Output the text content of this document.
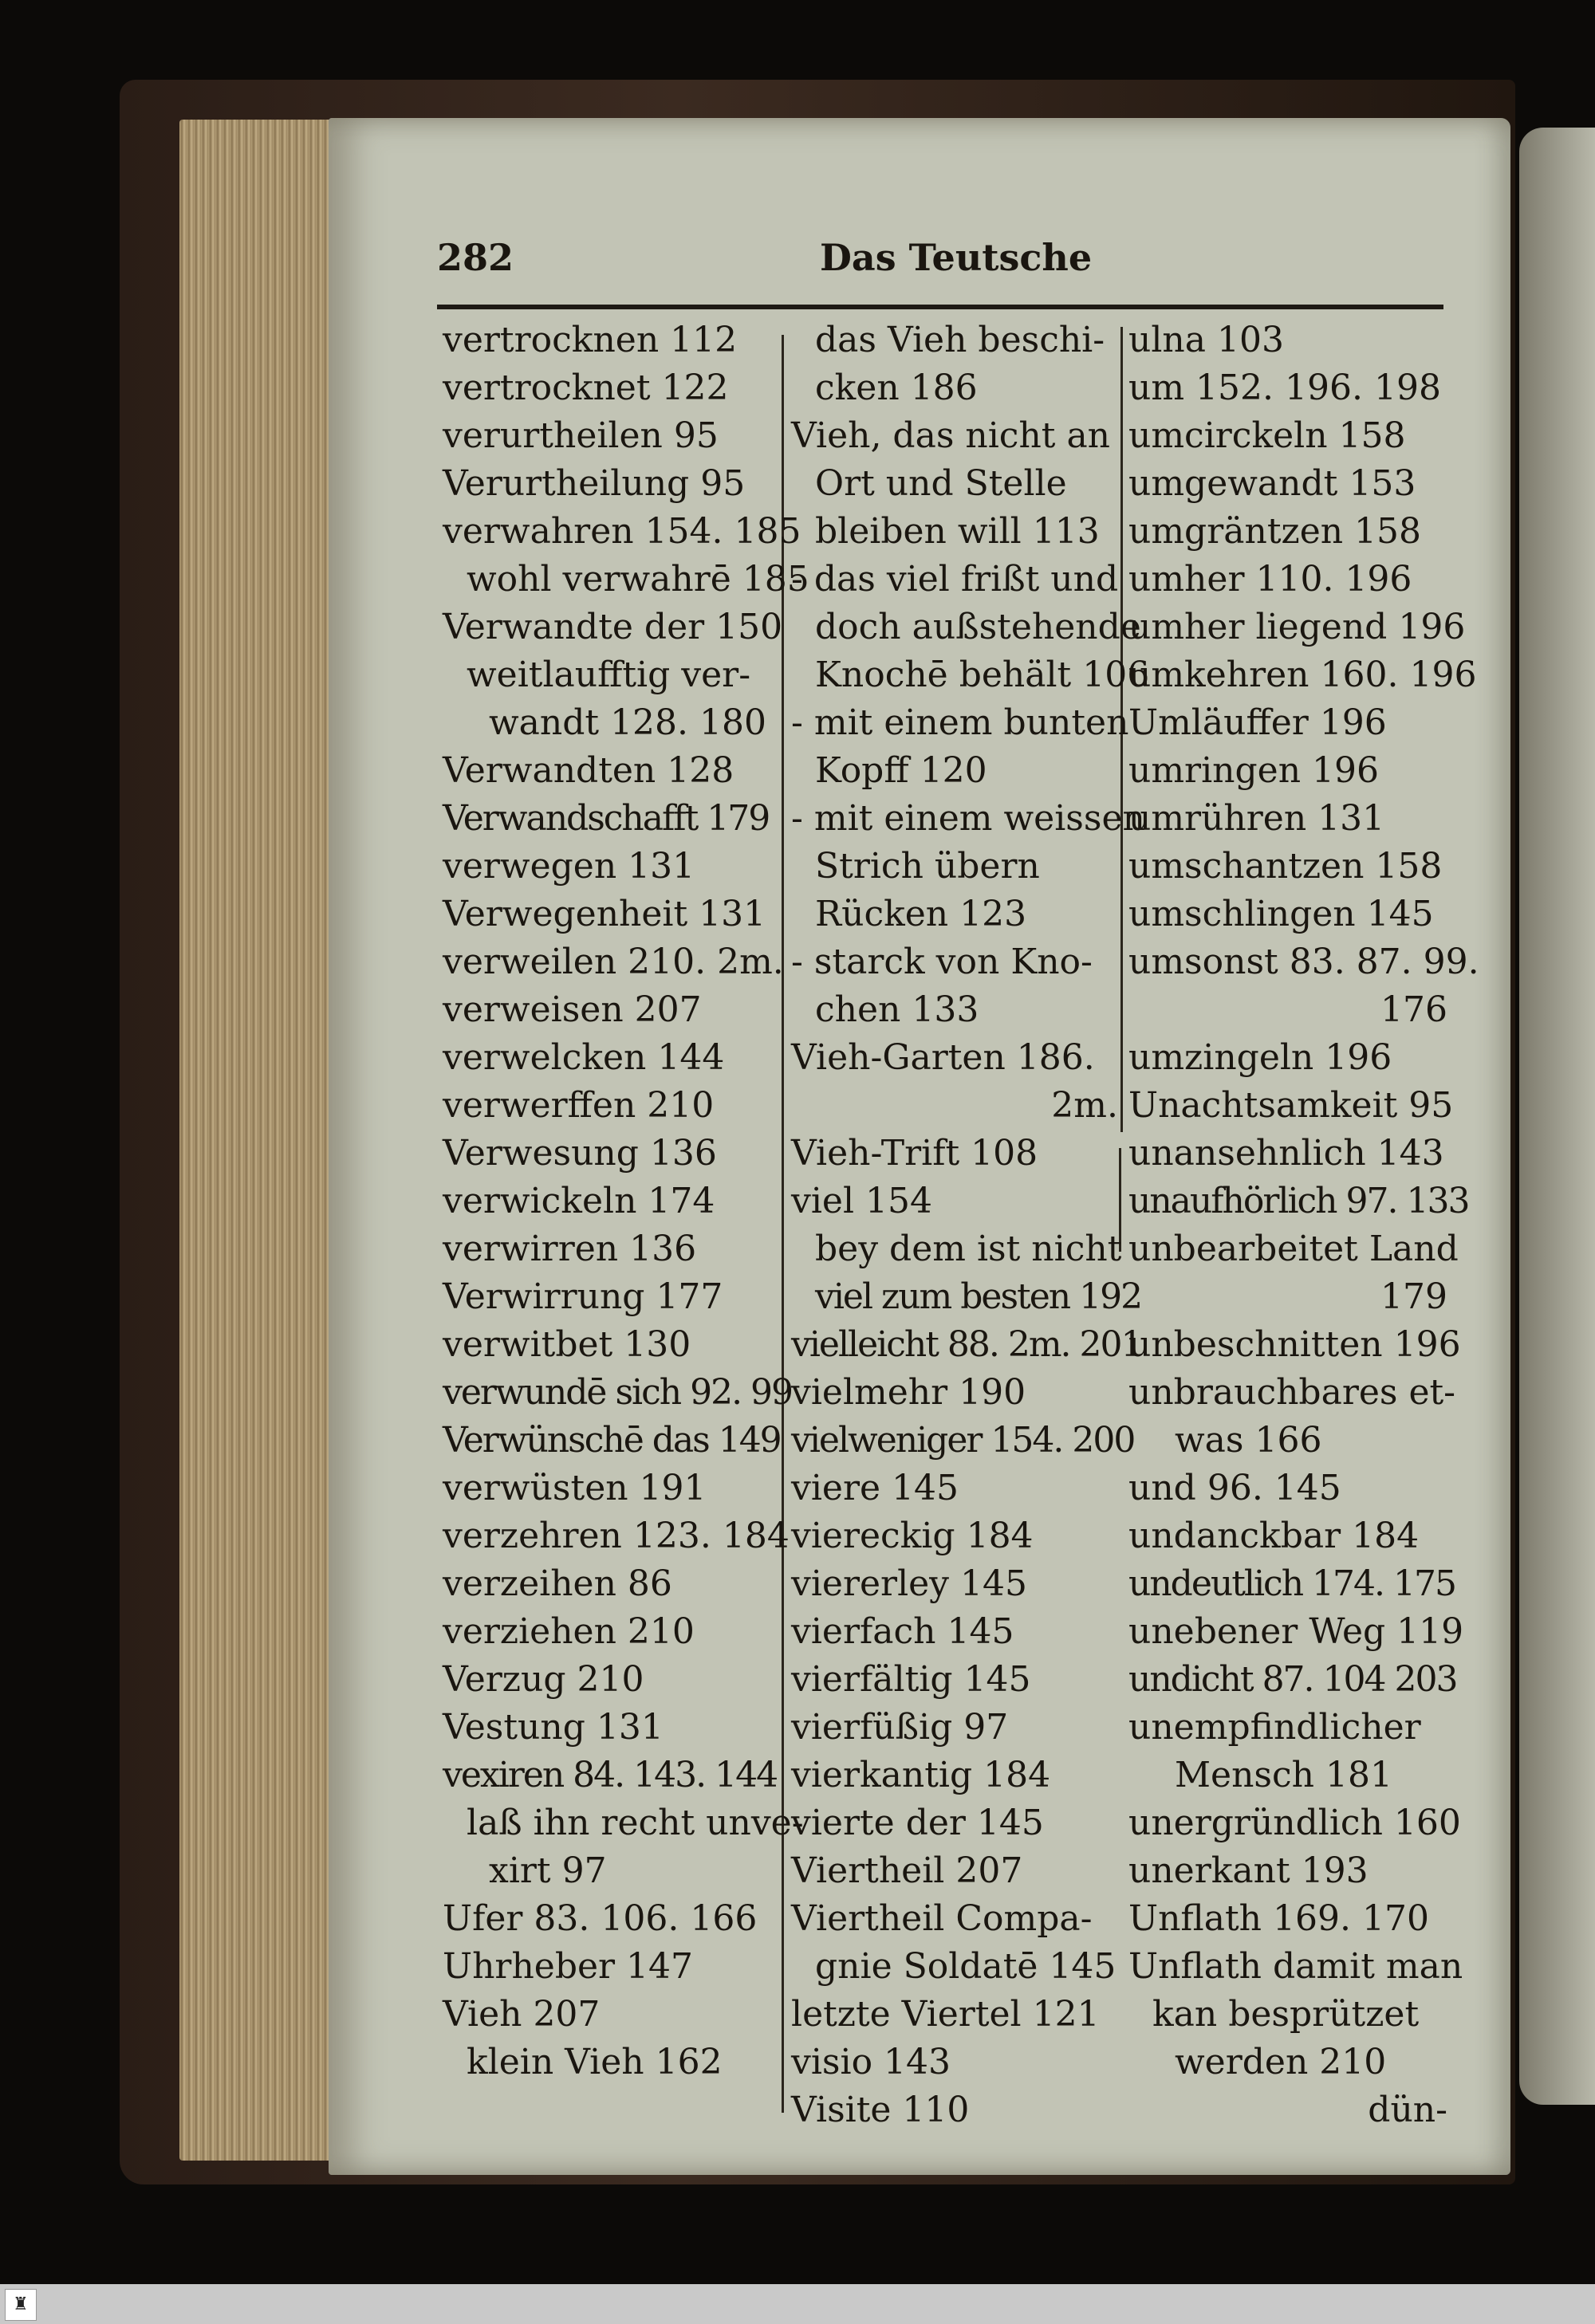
282	Das Teutsche
vertrocknen 112
vertrocknet 122
verurtheilen 95
Verurtheilung 95
verwahren 154. 185
wohl verwahrē 185
Verwandte der 150
weitlaufftig ver-
wandt 128. 180
Verwandten 128
Verwandschafft 179
verwegen 131
Verwegenheit 131
verweilen 210. 2m.
verweisen 207
verwelcken 144
verwerffen 210
Verwesung 136
verwickeln 174
verwirren 136
Verwirrung 177
verwitbet 130
verwundē sich 92. 99
Verwünschē das 149
verwüsten 191
verzehren 123. 184
verzeihen 86
verziehen 210
Verzug 210
Vestung 131
vexiren 84. 143. 144
laß ihn recht unve-
xirt 97
Ufer 83. 106. 166
Uhrheber 147
Vieh 207
klein Vieh 162
das Vieh beschi-
cken 186
Vieh, das nicht an
Ort und Stelle
bleiben will 113
- das viel frißt und
doch außstehende
Knochē behält 106
- mit einem bunten
Kopff 120
- mit einem weissen
Strich übern
Rücken 123
- starck von Kno-
chen 133
Vieh-Garten 186.
2m.
Vieh-Trift 108
viel 154
bey dem ist nicht
viel zum besten 192
vielleicht 88. 2m. 201
vielmehr 190
vielweniger 154. 200
viere 145
viereckig 184
viererley 145
vierfach 145
vierfältig 145
vierfüßig 97
vierkantig 184
vierte der 145
Viertheil 207
Viertheil Compa-
gnie Soldatē 145
letzte Viertel 121
visio 143
Visite 110
ulna 103
um 152. 196. 198
umcirckeln 158
umgewandt 153
umgräntzen 158
umher 110. 196
umher liegend 196
umkehren 160. 196
Umläuffer 196
umringen 196
umrühren 131
umschantzen 158
umschlingen 145
umsonst 83. 87. 99.
176
umzingeln 196
Unachtsamkeit 95
unansehnlich 143
unaufhörlich 97. 133
unbearbeitet Land
179
unbeschnitten 196
unbrauchbares et-
was 166
und 96. 145
undanckbar 184
undeutlich 174. 175
unebener Weg 119
undicht 87. 104 203
unempfindlicher
Mensch 181
unergründlich 160
unerkant 193
Unflath 169. 170
Unflath damit man
kan besprützet
werden 210
dün-
♜
